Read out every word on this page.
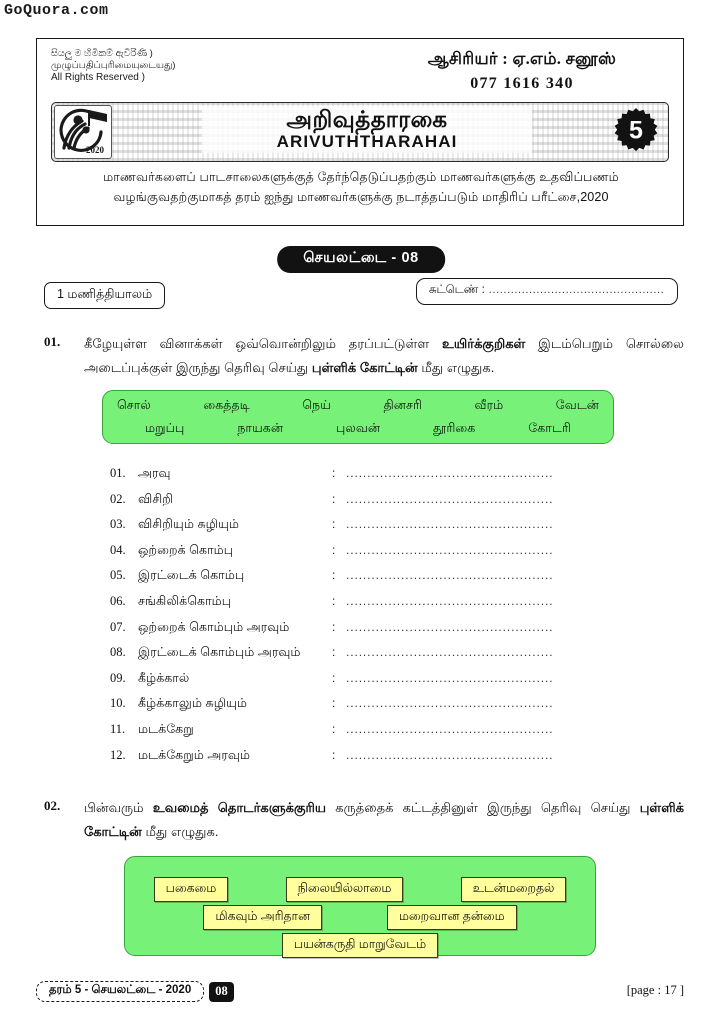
GoQuora.com
සියලු ම හිමිකම් ඇවිරිණි )
முழுப்பதிப்புரிமையுடையது)
All Rights Reserved )
ஆசிரியர் : ஏ.எம். சனூஸ்
077 1616 340
2020
அறிவுத்தாரகை
ARIVUTHTHARAHAI	5
மாணவர்களைப் பாடசாலைகளுக்குத் தேர்ந்தெடுப்பதற்கும் மாணவர்களுக்கு உதவிப்பணம்
வழங்குவதற்குமாகத் தரம் ஐந்து மாணவர்களுக்கு நடாத்தப்படும் மாதிரிப் பரீட்சை,2020
செயலட்டை - 08
1 மணித்தியாலம்	சுட்டெண் : ................................................
01. கீழேயுள்ள வினாக்கள் ஒவ்வொன்றிலும் தரப்பட்டுள்ள உயிர்க்குறிகள் இடம்பெறும் சொல்லை அடைப்புக்குள் இருந்து தெரிவு செய்து புள்ளிக் கோட்டின் மீது எழுதுக.
சொல்	கைத்தடி	நெய்	தினசரி	வீரம்	வேடன்
மறுப்பு	நாயகன்	புலவன்	தூரிகை	கோடரி
01. அரவு	: .................................................
02. விசிறி	: .................................................
03. விசிறியும் சுழியும்	: .................................................
04. ஒற்றைக் கொம்பு	: .................................................
05. இரட்டைக் கொம்பு	: .................................................
06. சங்கிலிக்கொம்பு	: .................................................
07. ஒற்றைக் கொம்பும் அரவும்	: .................................................
08. இரட்டைக் கொம்பும் அரவும்	: .................................................
09. கீழ்க்கால்	: .................................................
10. கீழ்க்காலும் சுழியும்	: .................................................
11.	மடக்கேறு	: .................................................
12. மடக்கேறும் அரவும்	: .................................................
02. பின்வரும் உவமைத் தொடர்களுக்குரிய கருத்தைக் கட்டத்தினுள் இருந்து தெரிவு செய்து புள்ளிக் கோட்டின் மீது எழுதுக.
பகைமை	நிலையில்லாமை	உடன்மறைதல்
மிகவும் அரிதான	மறைவான தன்மை
பயன்கருதி மாறுவேடம்
தரம் 5 - செயலட்டை - 2020	08	[page : 17 ]
